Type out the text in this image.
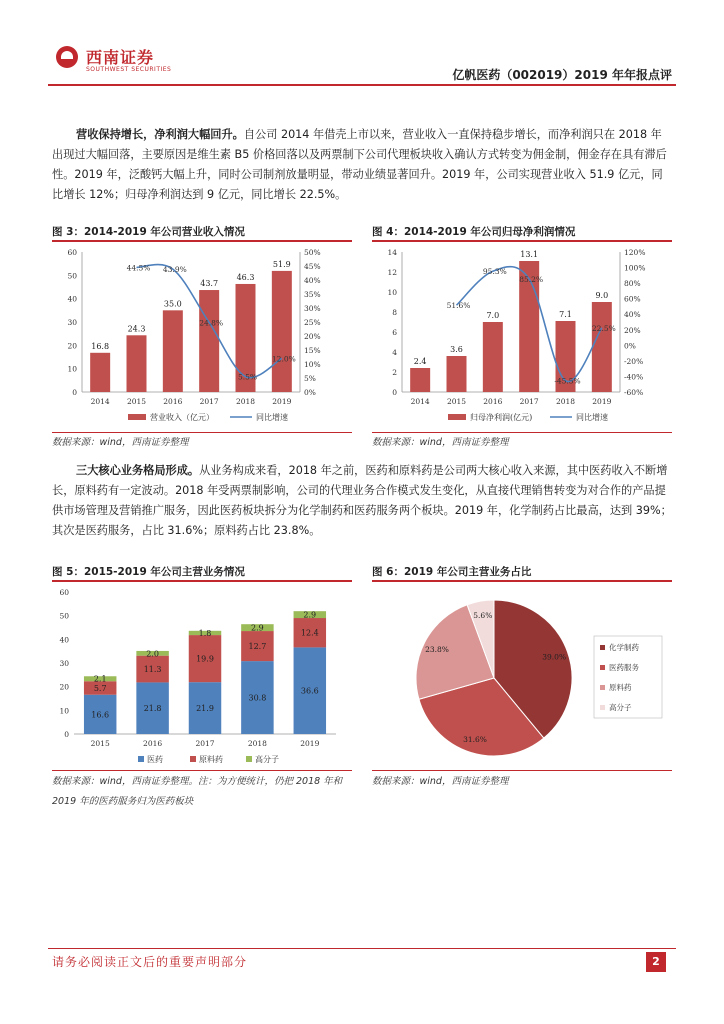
西南证券
SOUTHWEST SECURITIES	亿帆医药（002019）2019 年年报点评
营收保持增长，净利润大幅回升。自公司 2014 年借壳上市以来，营业收入一直保持稳步增长，而净利润只在 2018 年出现过大幅回落，主要原因是维生素 B5 价格回落以及两票制下公司代理板块收入确认方式转变为佣金制，佣金存在具有滞后性。2019 年，泛酸钙大幅上升，同时公司制剂放量明显，带动业绩显著回升。2019 年，公司实现营业收入 51.9 亿元，同比增长 12%；归母净利润达到 9 亿元，同比增长 22.5%。
图 3：2014-2019 年公司营业收入情况
0
10
20
30
40
50
60
0%
5%
10%
15%
20%
25%
30%
35%
40%
45%
50%
16.8
2014
24.3
2015
35.0
2016
43.7
2017
46.3
2018
51.9
2019
44.5% 43.9%
24.8%
5.5%
12.0%
营业收入（亿元）	同比增速
数据来源：wind，西南证券整理
图 4：2014-2019 年公司归母净利润情况
0
2
4
6
8
10
12
14
-60%
-40%
-20%
0%
20%
40%
60%
80%
100%
120%
2.4
2014
3.6
2015
7.0
2016
13.1
2017
7.1
2018
9.0
2019
51.6%
95.3%
85.2%
-45.5%
22.5%
归母净利润(亿元)	同比增速
数据来源：wind，西南证券整理
三大核心业务格局形成。从业务构成来看，2018 年之前，医药和原料药是公司两大核心收入来源，其中医药收入不断增长，原料药有一定波动。2018 年受两票制影响，公司的代理业务合作模式发生变化，从直接代理销售转变为对合作的产品提供市场管理及营销推广服务，因此医药板块拆分为化学制药和医药服务两个板块。2019 年，化学制药占比最高，达到 39%；其次是医药服务，占比 31.6%；原料药占比 23.8%。
图 5：2015-2019 年公司主营业务情况
0
10
20
30
40
50
60
16.6
5.7
2.1
2015
21.8
11.3
2.0
2016
21.9
19.9
1.8
2017
30.8
12.7
2.9
2018
36.6
12.4
2.9
2019
医药	原料药	高分子
数据来源：wind，西南证券整理。注：为方便统计，仍把 2018 年和 2019 年的医药服务归为医药板块
图 6：2019 年公司主营业务占比
39.0%
31.6%
23.8%
5.6%
化学制药
医药服务
原料药
高分子
数据来源：wind，西南证券整理
请务必阅读正文后的重要声明部分	2
